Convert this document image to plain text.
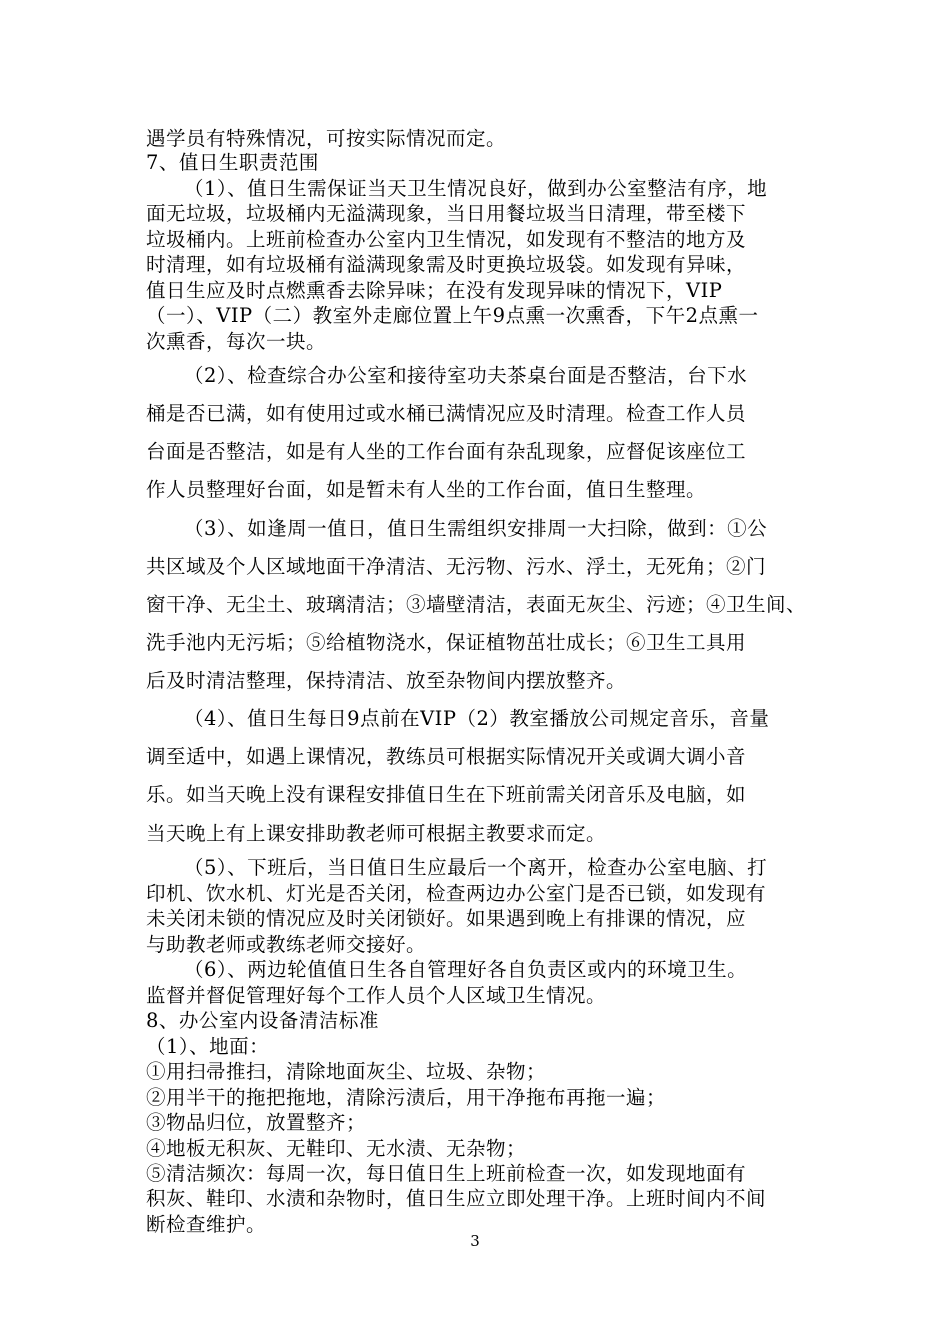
遇学员有特殊情况，可按实际情况而定。
7、值日生职责范围
（1）、值日生需保证当天卫生情况良好，做到办公室整洁有序，地
面无垃圾，垃圾桶内无溢满现象，当日用餐垃圾当日清理，带至楼下
垃圾桶内。上班前检查办公室内卫生情况，如发现有不整洁的地方及
时清理，如有垃圾桶有溢满现象需及时更换垃圾袋。如发现有异味，
值日生应及时点燃熏香去除异味；在没有发现异味的情况下，VIP
（一）、VIP（二）教室外走廊位置上午9点熏一次熏香，下午2点熏一
次熏香，每次一块。
（2）、检查综合办公室和接待室功夫茶桌台面是否整洁，台下水
桶是否已满，如有使用过或水桶已满情况应及时清理。检查工作人员
台面是否整洁，如是有人坐的工作台面有杂乱现象，应督促该座位工
作人员整理好台面，如是暂未有人坐的工作台面，值日生整理。
（3）、如逢周一值日，值日生需组织安排周一大扫除，做到：①公
共区域及个人区域地面干净清洁、无污物、污水、浮土，无死角；②门
窗干净、无尘土、玻璃清洁；③墙壁清洁，表面无灰尘、污迹；④卫生间、
洗手池内无污垢；⑤给植物浇水，保证植物茁壮成长；⑥卫生工具用
后及时清洁整理，保持清洁、放至杂物间内摆放整齐。
（4）、值日生每日9点前在VIP（2）教室播放公司规定音乐，音量
调至适中，如遇上课情况，教练员可根据实际情况开关或调大调小音
乐。如当天晚上没有课程安排值日生在下班前需关闭音乐及电脑，如
当天晚上有上课安排助教老师可根据主教要求而定。
（5）、下班后，当日值日生应最后一个离开，检查办公室电脑、打
印机、饮水机、灯光是否关闭，检查两边办公室门是否已锁，如发现有
未关闭未锁的情况应及时关闭锁好。如果遇到晚上有排课的情况，应
与助教老师或教练老师交接好。
（6）、两边轮值值日生各自管理好各自负责区或内的环境卫生。
监督并督促管理好每个工作人员个人区域卫生情况。
8、办公室内设备清洁标准
（1）、地面：
①用扫帚推扫，清除地面灰尘、垃圾、杂物；
②用半干的拖把拖地，清除污渍后，用干净拖布再拖一遍；
③物品归位，放置整齐；
④地板无积灰、无鞋印、无水渍、无杂物；
⑤清洁频次：每周一次，每日值日生上班前检查一次，如发现地面有
积灰、鞋印、水渍和杂物时，值日生应立即处理干净。上班时间内不间
断检查维护。
3
